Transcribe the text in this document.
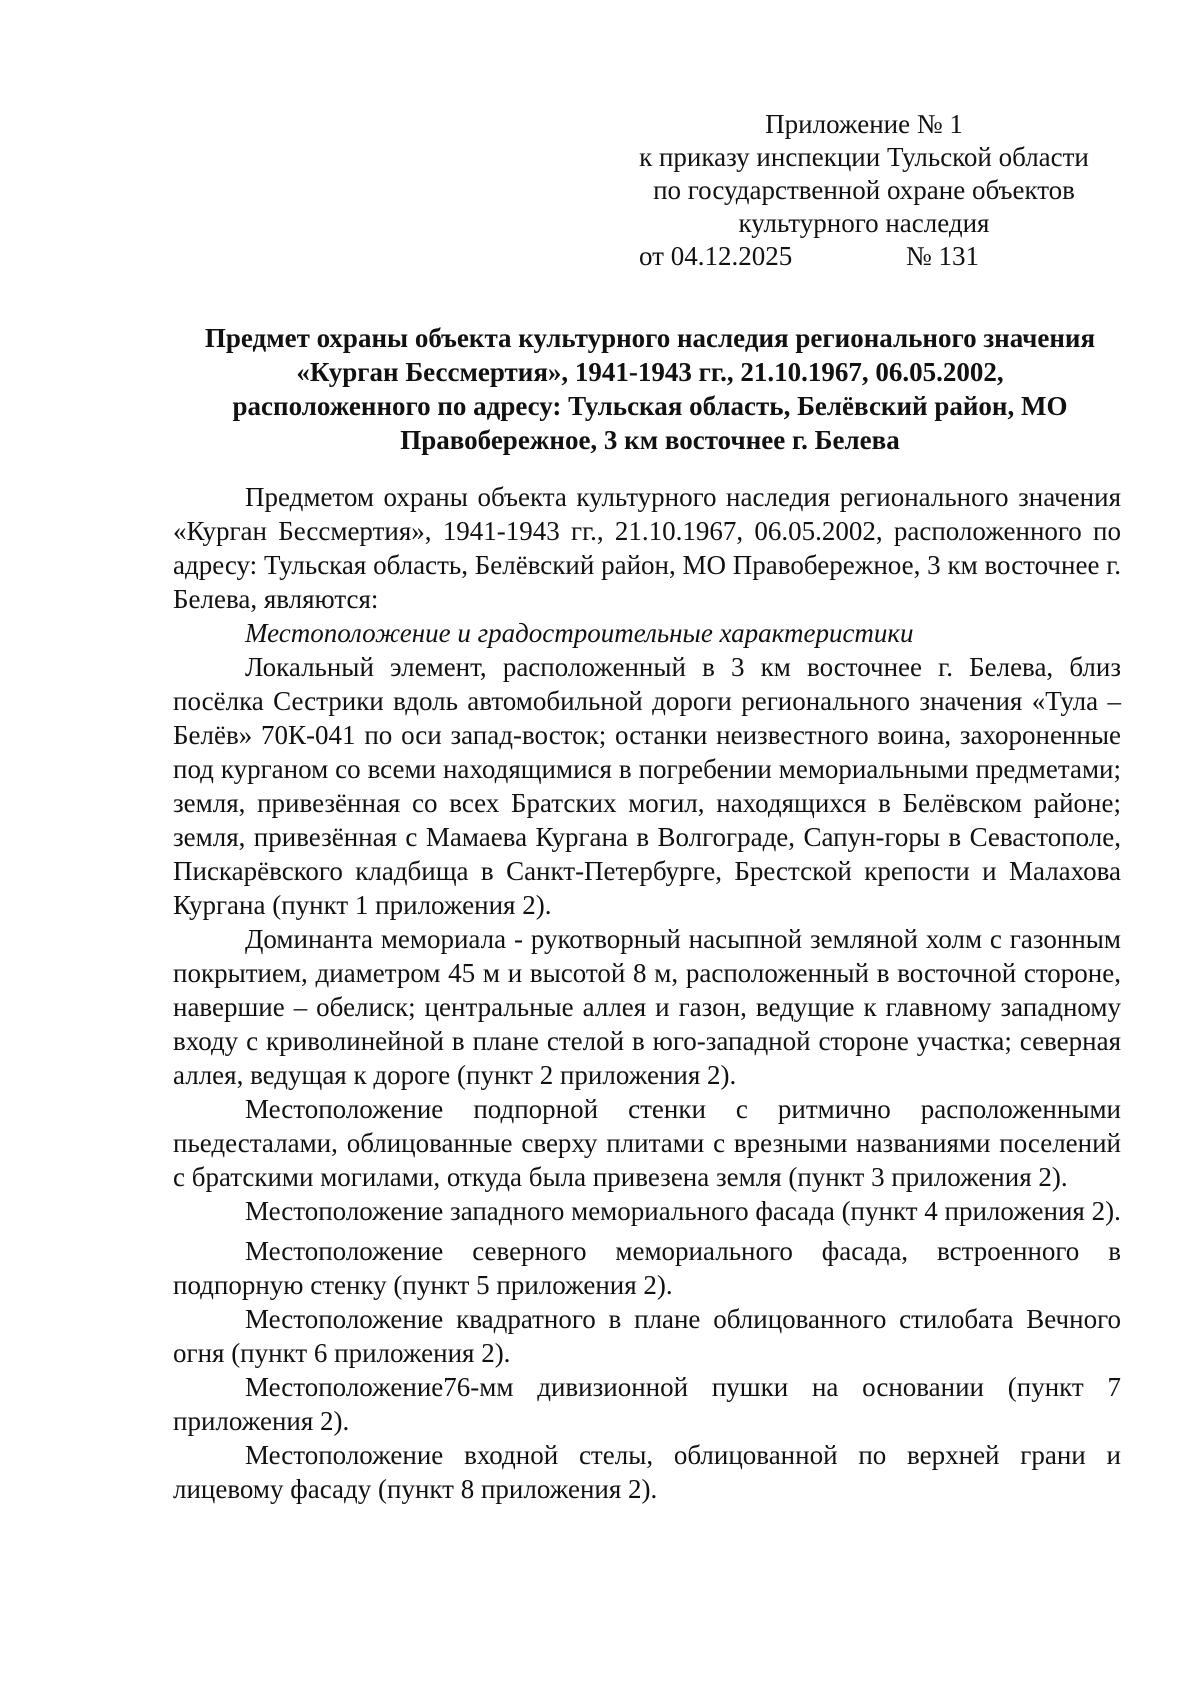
Приложение № 1
к приказу инспекции Тульской области
по государственной охране объектов
культурного наследия
от 04.12.2025	№ 131
Предмет охраны объекта культурного наследия регионального значения
«Курган Бессмертия», 1941-1943 гг., 21.10.1967, 06.05.2002,
расположенного по адресу: Тульская область, Белёвский район, МО
Правобережное, 3 км восточнее г. Белева

Предметом охраны объекта культурного наследия регионального значения «Курган Бессмертия», 1941-1943 гг., 21.10.1967, 06.05.2002, расположенного по адресу: Тульская область, Белёвский район, МО Правобережное, 3 км восточнее г. Белева, являются:

Местоположение и градостроительные характеристики

Локальный элемент, расположенный в 3 км восточнее г. Белева, близ посёлка Сестрики вдоль автомобильной дороги регионального значения «Тула – Белёв» 70К-041 по оси запад-восток; останки неизвестного воина, захороненные под курганом со всеми находящимися в погребении мемориальными предметами; земля, привезённая со всех Братских могил, находящихся в Белёвском районе; земля, привезённая с Мамаева Кургана в Волгограде, Сапун-горы в Севастополе, Пискарёвского кладбища в Санкт-Петербурге, Брестской крепости и Малахова Кургана (пункт 1 приложения 2).

Доминанта мемориала - рукотворный насыпной земляной холм с газонным покрытием, диаметром 45 м и высотой 8 м, расположенный в восточной стороне, навершие – обелиск; центральные аллея и газон, ведущие к главному западному входу с криволинейной в плане стелой в юго-западной стороне участка; северная аллея, ведущая к дороге (пункт 2 приложения 2).

Местоположение подпорной стенки с ритмично расположенными пьедесталами, облицованные сверху плитами с врезными названиями поселений с братскими могилами, откуда была привезена земля (пункт 3 приложения 2).

Местоположение западного мемориального фасада (пункт 4 приложения 2).

Местоположение северного мемориального фасада, встроенного в подпорную стенку (пункт 5 приложения 2).

Местоположение квадратного в плане облицованного стилобата Вечного огня (пункт 6 приложения 2).

Местоположение76-мм дивизионной пушки на основании (пункт 7 приложения 2).

Местоположение входной стелы, облицованной по верхней грани и лицевому фасаду (пункт 8 приложения 2).
